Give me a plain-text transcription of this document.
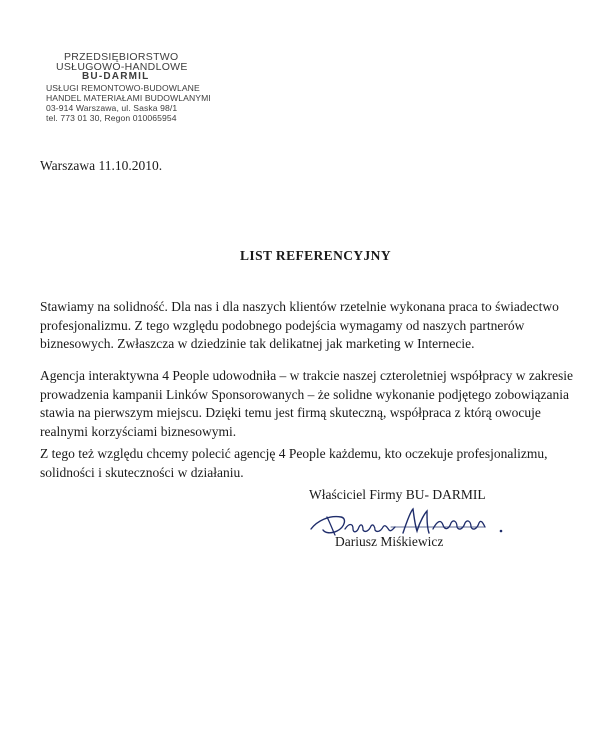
PRZEDSIĘBIORSTWO
USŁUGOWO-HANDLOWE
BU-DARMIL
USŁUGI REMONTOWO-BUDOWLANE
HANDEL MATERIAŁAMI BUDOWLANYMI
03-914 Warszawa, ul. Saska 98/1
tel. 773 01 30, Regon 010065954
Warszawa 11.10.2010.
LIST REFERENCYJNY
Stawiamy na solidność. Dla nas i dla naszych klientów rzetelnie wykonana praca to świadectwo
profesjonalizmu. Z tego względu podobnego podejścia wymagamy od naszych partnerów
biznesowych. Zwłaszcza w dziedzinie tak delikatnej jak marketing w Internecie.
Agencja interaktywna 4 People udowodniła – w trakcie naszej czteroletniej współpracy w zakresie
prowadzenia kampanii Linków Sponsorowanych – że solidne wykonanie podjętego zobowiązania
stawia na pierwszym miejscu. Dzięki temu jest firmą skuteczną, współpraca z którą owocuje
realnymi korzyściami biznesowymi.
Z tego też względu chcemy polecić agencję 4 People każdemu, kto oczekuje profesjonalizmu,
solidności i skuteczności w działaniu.
Właściciel Firmy BU- DARMIL
Dariusz Miśkiewicz
